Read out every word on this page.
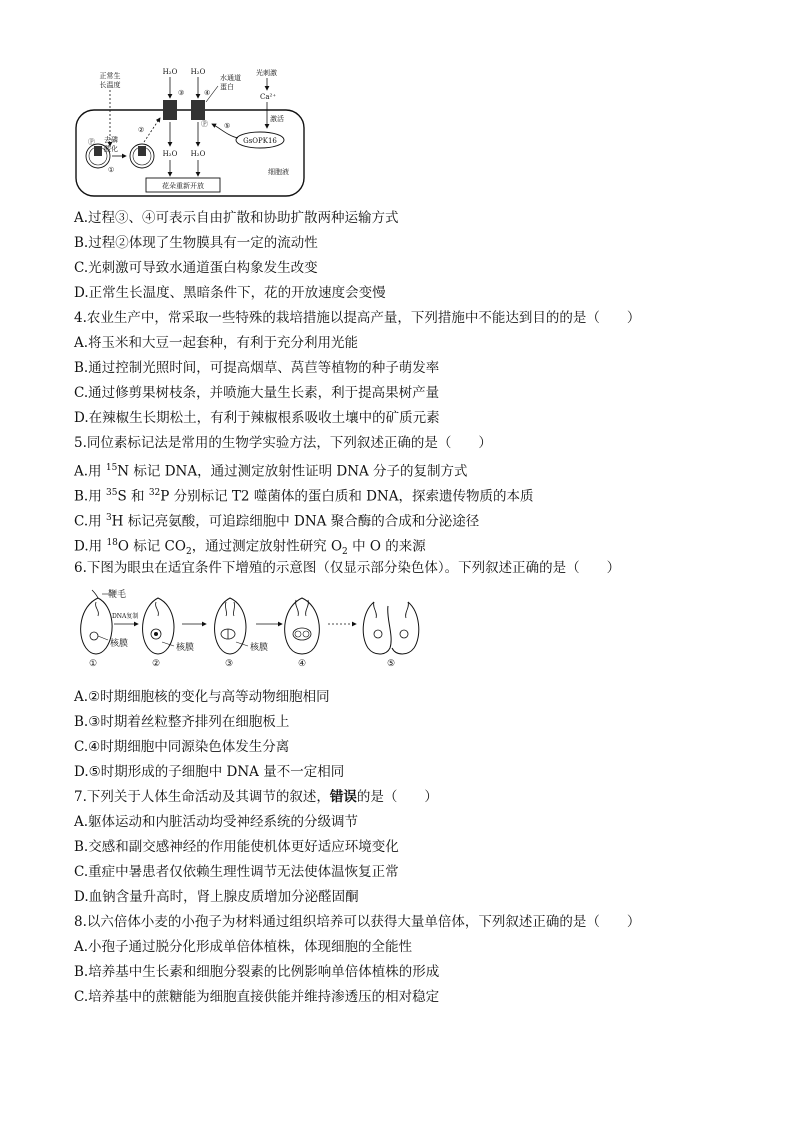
正常生
长温度
H₂O H₂O
③	④
水通道
蛋白
光刺激
Ca²⁺
激活
GsOPK16
⑤
Ⓟ
H₂O H₂O
花朵重新开放
细胞液
Ⓟ 去磷
酸化
①
②
A.过程③、④可表示自由扩散和协助扩散两种运输方式
B.过程②体现了生物膜具有一定的流动性
C.光刺激可导致水通道蛋白构象发生改变
D.正常生长温度、黑暗条件下，花的开放速度会变慢
4.农业生产中，常采取一些特殊的栽培措施以提高产量，下列措施中不能达到目的的是（　　）
A.将玉米和大豆一起套种，有利于充分利用光能
B.通过控制光照时间，可提高烟草、莴苣等植物的种子萌发率
C.通过修剪果树枝条，并喷施大量生长素，利于提高果树产量
D.在辣椒生长期松土，有利于辣椒根系吸收土壤中的矿质元素
5.同位素标记法是常用的生物学实验方法，下列叙述正确的是（　　）
A.用 $^{15}$N 标记 DNA，通过测定放射性证明 DNA 分子的复制方式
B.用 $^{35}$S 和 $^{32}$P 分别标记 T2 噬菌体的蛋白质和 DNA，探索遗传物质的本质
C.用 $^3$H 标记亮氨酸，可追踪细胞中 DNA 聚合酶的合成和分泌途径
D.用 $^{18}$O 标记 $CO_2$，通过测定放射性研究 $O_2$ 中 O 的来源
6.下图为眼虫在适宜条件下增殖的示意图（仅显示部分染色体）。下列叙述正确的是（　　）
鞭毛
核膜
①
DNA复制
核膜
②
核膜
③	④	⑤
A.②时期细胞核的变化与高等动物细胞相同
B.③时期着丝粒整齐排列在细胞板上
C.④时期细胞中同源染色体发生分离
D.⑤时期形成的子细胞中 DNA 量不一定相同
7.下列关于人体生命活动及其调节的叙述，错误的是（　　）
A.躯体运动和内脏活动均受神经系统的分级调节
B.交感和副交感神经的作用能使机体更好适应环境变化
C.重症中暑患者仅依赖生理性调节无法使体温恢复正常
D.血钠含量升高时，肾上腺皮质增加分泌醛固酮
8.以六倍体小麦的小孢子为材料通过组织培养可以获得大量单倍体，下列叙述正确的是（　　）
A.小孢子通过脱分化形成单倍体植株，体现细胞的全能性
B.培养基中生长素和细胞分裂素的比例影响单倍体植株的形成
C.培养基中的蔗糖能为细胞直接供能并维持渗透压的相对稳定
